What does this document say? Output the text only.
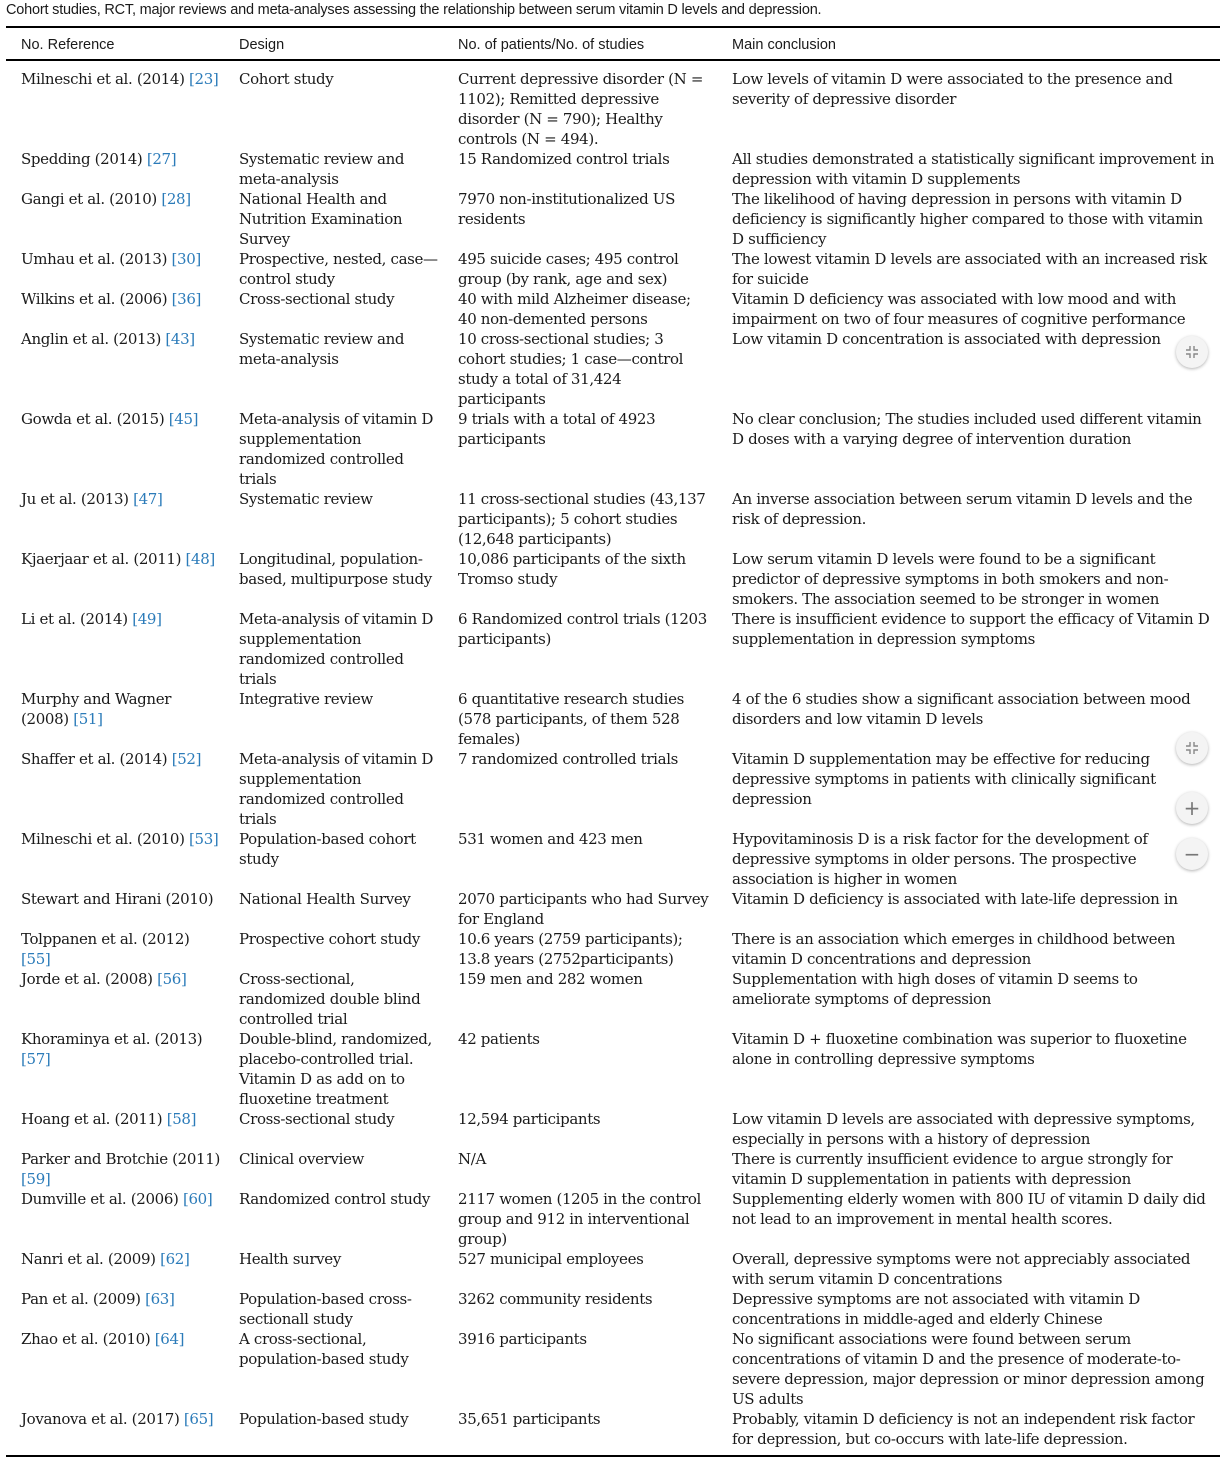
Cohort studies, RCT, major reviews and meta-analyses assessing the relationship between serum vitamin D levels and depression.
No. Reference	Design	No. of patients/No. of studies	Main conclusion
Milneschi et al. (2014) [23]	Cohort study	Current depressive disorder (N = 1102); Remitted depressive disorder (N = 790); Healthy controls (N = 494).	Low levels of vitamin D were associated to the presence and severity of depressive disorder
Spedding (2014) [27]	Systematic review and meta-analysis	15 Randomized control trials	All studies demonstrated a statistically significant improvement in depression with vitamin D supplements
Gangi et al. (2010) [28]	National Health and Nutrition Examination Survey	7970 non-institutionalized US residents	The likelihood of having depression in persons with vitamin D deficiency is significantly higher compared to those with vitamin D sufficiency
Umhau et al. (2013) [30]	Prospective, nested, case—control study	495 suicide cases; 495 control group (by rank, age and sex)	The lowest vitamin D levels are associated with an increased risk for suicide
Wilkins et al. (2006) [36]	Cross-sectional study	40 with mild Alzheimer disease; 40 non-demented persons	Vitamin D deficiency was associated with low mood and with impairment on two of four measures of cognitive performance
Anglin et al. (2013) [43]	Systematic review and meta-analysis	10 cross-sectional studies; 3 cohort studies; 1 case—control study a total of 31,424 participants	Low vitamin D concentration is associated with depression
Gowda et al. (2015) [45]	Meta-analysis of vitamin D supplementation randomized controlled trials	9 trials with a total of 4923 participants	No clear conclusion; The studies included used different vitamin D doses with a varying degree of intervention duration
Ju et al. (2013) [47]	Systematic review	11 cross-sectional studies (43,137 participants); 5 cohort studies (12,648 participants)	An inverse association between serum vitamin D levels and the risk of depression.
Kjaerjaar et al. (2011) [48]	Longitudinal, population-based, multipurpose study	10,086 participants of the sixth Tromso study	Low serum vitamin D levels were found to be a significant predictor of depressive symptoms in both smokers and non-smokers. The association seemed to be stronger in women
Li et al. (2014) [49]	Meta-analysis of vitamin D supplementation randomized controlled trials	6 Randomized control trials (1203 participants)	There is insufficient evidence to support the efficacy of Vitamin D supplementation in depression symptoms
Murphy and Wagner (2008) [51]	Integrative review	6 quantitative research studies (578 participants, of them 528 females)	4 of the 6 studies show a significant association between mood disorders and low vitamin D levels
Shaffer et al. (2014) [52]	Meta-analysis of vitamin D supplementation randomized controlled trials	7 randomized controlled trials	Vitamin D supplementation may be effective for reducing depressive symptoms in patients with clinically significant depression
Milneschi et al. (2010) [53]	Population-based cohort study	531 women and 423 men	Hypovitaminosis D is a risk factor for the development of depressive symptoms in older persons. The prospective association is higher in women
Stewart and Hirani (2010)	National Health Survey	2070 participants who had Survey for England	Vitamin D deficiency is associated with late-life depression in
Tolppanen et al. (2012) [55]	Prospective cohort study	10.6 years (2759 participants); 13.8 years (2752participants)	There is an association which emerges in childhood between vitamin D concentrations and depression
Jorde et al. (2008) [56]	Cross-sectional, randomized double blind controlled trial	159 men and 282 women	Supplementation with high doses of vitamin D seems to ameliorate symptoms of depression
Khoraminya et al. (2013) [57]	Double-blind, randomized, placebo-controlled trial. Vitamin D as add on to fluoxetine treatment	42 patients	Vitamin D + fluoxetine combination was superior to fluoxetine alone in controlling depressive symptoms
Hoang et al. (2011) [58]	Cross-sectional study	12,594 participants	Low vitamin D levels are associated with depressive symptoms, especially in persons with a history of depression
Parker and Brotchie (2011) [59]	Clinical overview	N/A	There is currently insufficient evidence to argue strongly for vitamin D supplementation in patients with depression
Dumville et al. (2006) [60]	Randomized control study	2117 women (1205 in the control group and 912 in interventional group)	Supplementing elderly women with 800 IU of vitamin D daily did not lead to an improvement in mental health scores.
Nanri et al. (2009) [62]	Health survey	527 municipal employees	Overall, depressive symptoms were not appreciably associated with serum vitamin D concentrations
Pan et al. (2009) [63]	Population-based cross-sectionall study	3262 community residents	Depressive symptoms are not associated with vitamin D concentrations in middle-aged and elderly Chinese
Zhao et al. (2010) [64]	A cross-sectional, population-based study	3916 participants	No significant associations were found between serum concentrations of vitamin D and the presence of moderate-to-severe depression, major depression or minor depression among US adults
Jovanova et al. (2017) [65]	Population-based study	35,651 participants	Probably, vitamin D deficiency is not an independent risk factor for depression, but co-occurs with late-life depression.

+
−
